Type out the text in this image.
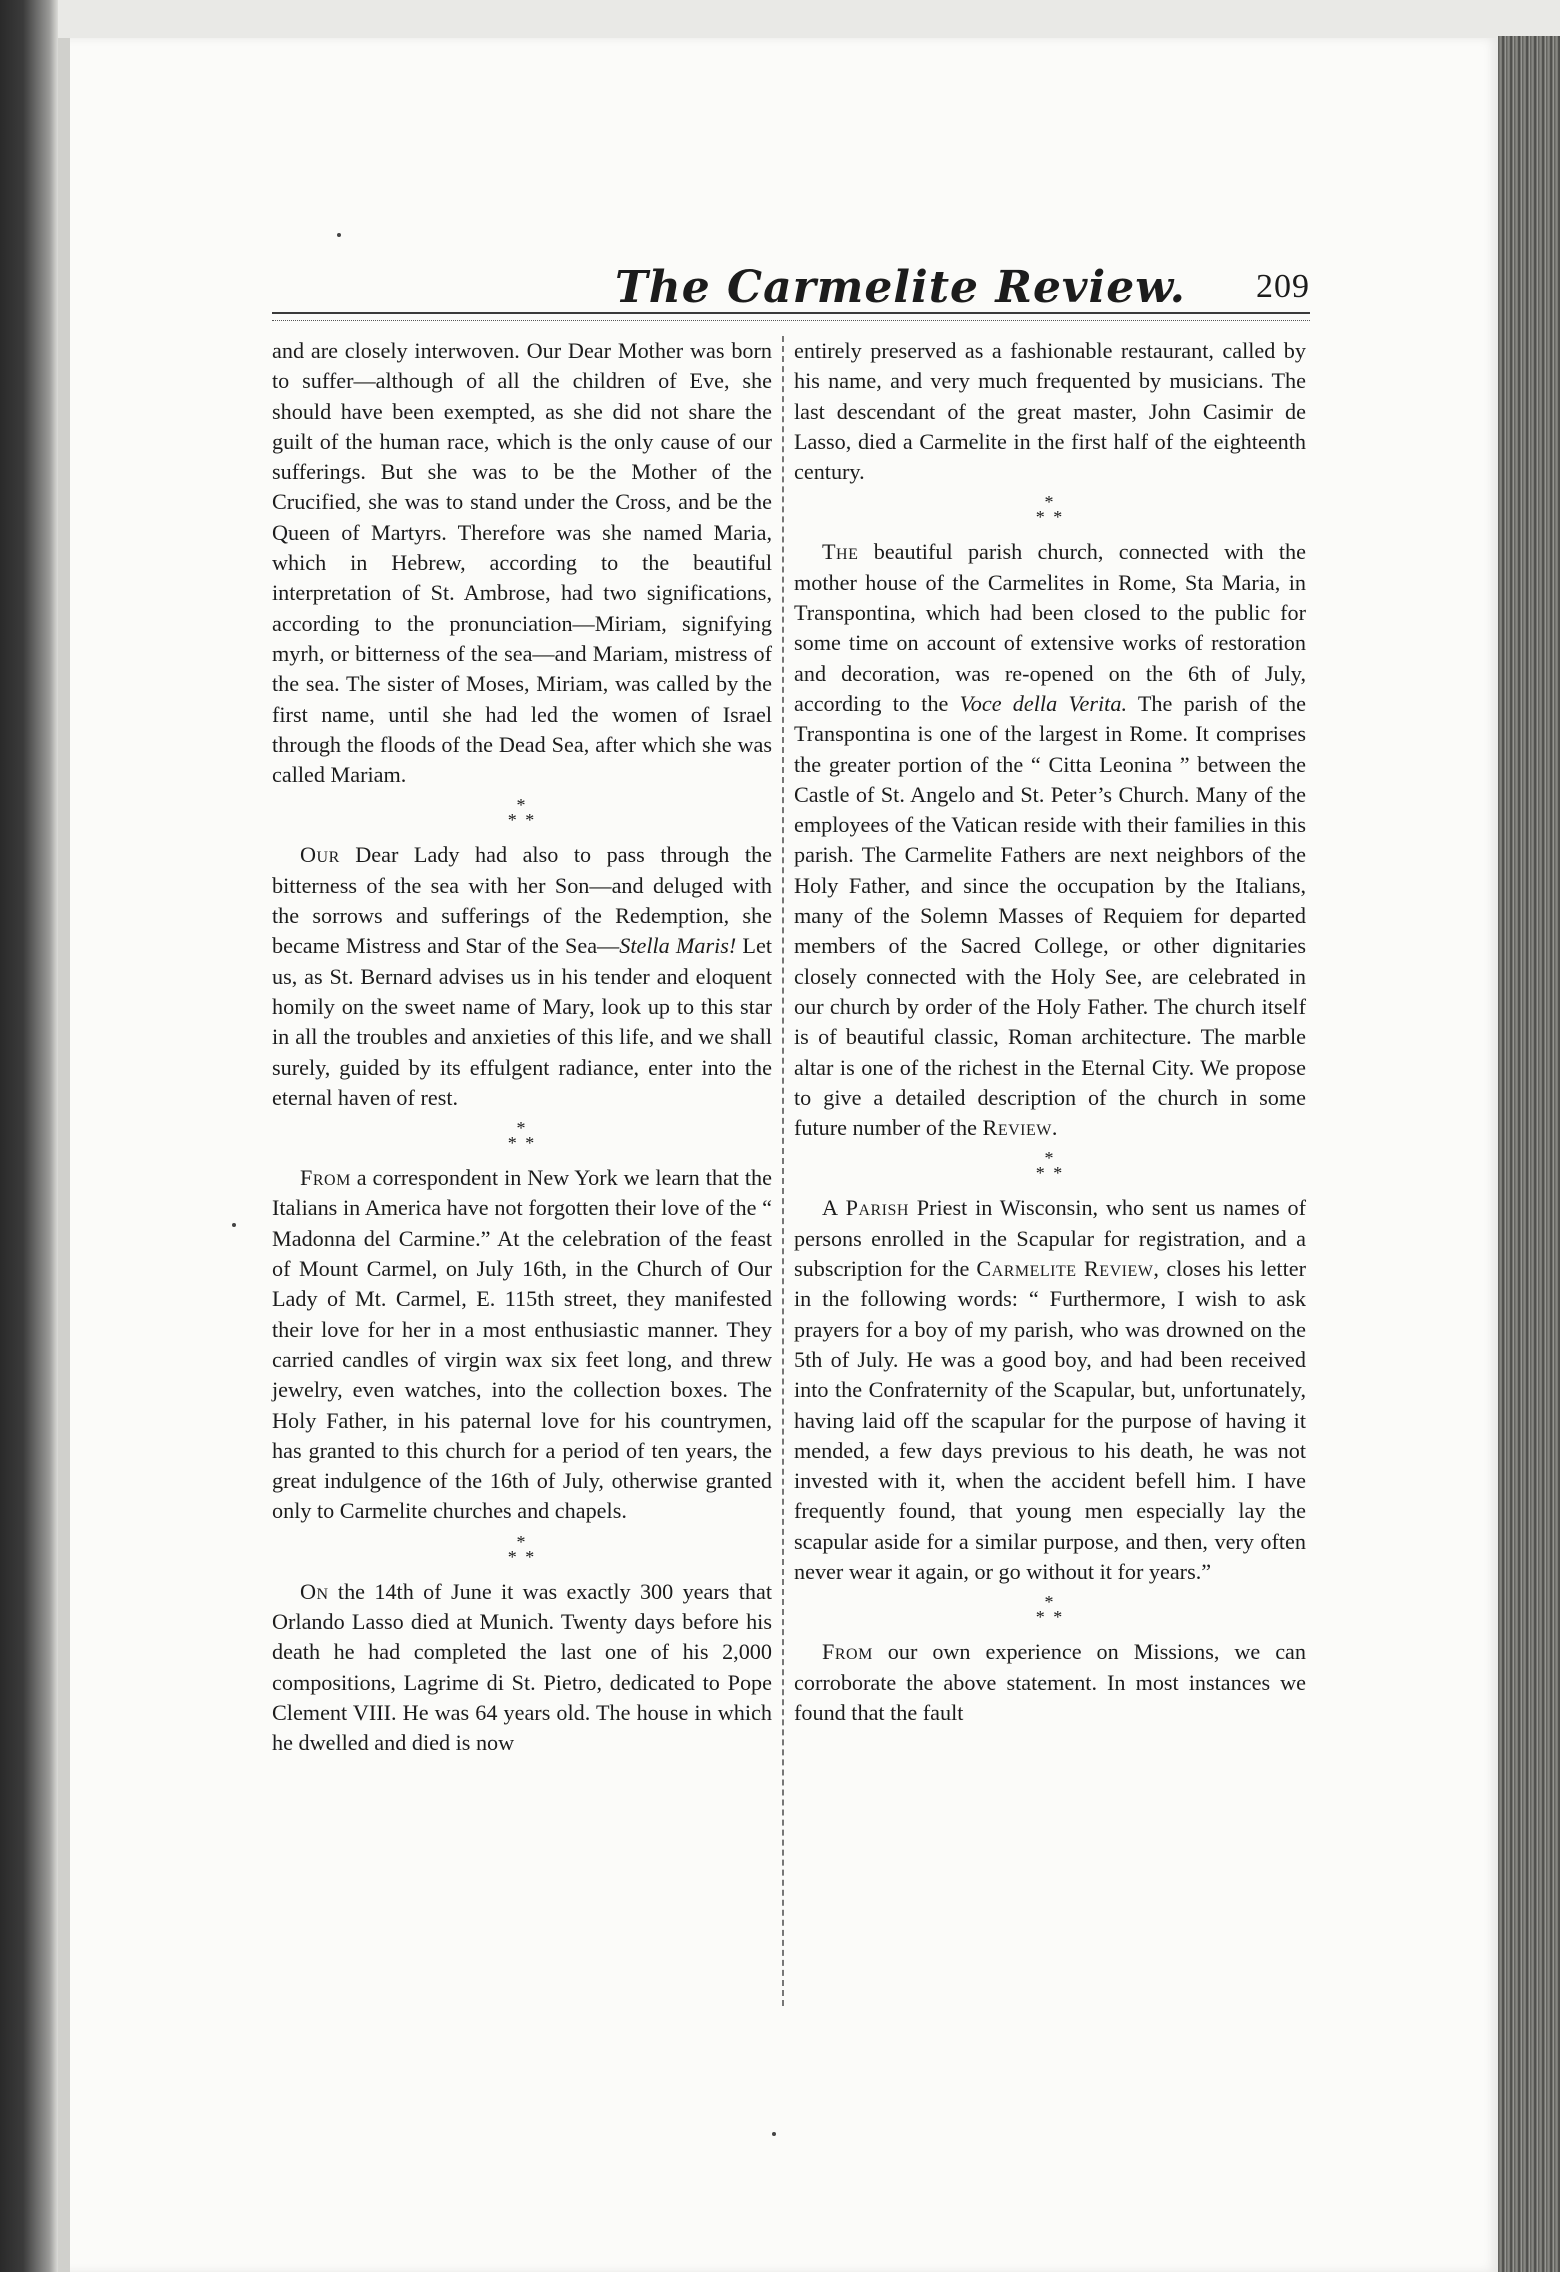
The Carmelite Review. 209

and are closely interwoven. Our Dear Mother was born to suffer—although of all the children of Eve, she should have been exempted, as she did not share the guilt of the human race, which is the only cause of our sufferings. But she was to be the Mother of the Crucified, she was to stand under the Cross, and be the Queen of Martyrs. Therefore was she named Maria, which in Hebrew, according to the beautiful interpretation of St. Ambrose, had two significations, according to the pronunciation—Miriam, signifying myrh, or bitterness of the sea—and Mariam, mistress of the sea. The sister of Moses, Miriam, was called by the first name, until she had led the women of Israel through the floods of the Dead Sea, after which she was called Mariam.

*
* *

Our Dear Lady had also to pass through the bitterness of the sea with her Son—and deluged with the sorrows and sufferings of the Redemption, she became Mistress and Star of the Sea—Stella Maris! Let us, as St. Bernard advises us in his tender and eloquent homily on the sweet name of Mary, look up to this star in all the troubles and anxieties of this life, and we shall surely, guided by its effulgent radiance, enter into the eternal haven of rest.

*
* *

From a correspondent in New York we learn that the Italians in America have not forgotten their love of the “ Madonna del Carmine.” At the celebration of the feast of Mount Carmel, on July 16th, in the Church of Our Lady of Mt. Carmel, E. 115th street, they manifested their love for her in a most enthusiastic manner. They carried candles of virgin wax six feet long, and threw jewelry, even watches, into the collection boxes. The Holy Father, in his paternal love for his countrymen, has granted to this church for a period of ten years, the great indulgence of the 16th of July, otherwise granted only to Carmelite churches and chapels.

*
* *

On the 14th of June it was exactly 300 years that Orlando Lasso died at Munich. Twenty days before his death he had completed the last one of his 2,000 compositions, Lagrime di St. Pietro, dedicated to Pope Clement VIII. He was 64 years old. The house in which he dwelled and died is now

entirely preserved as a fashionable restaurant, called by his name, and very much frequented by musicians. The last descendant of the great master, John Casimir de Lasso, died a Carmelite in the first half of the eighteenth century.

*
* *

The beautiful parish church, connected with the mother house of the Carmelites in Rome, Sta Maria, in Transpontina, which had been closed to the public for some time on account of extensive works of restoration and decoration, was re-opened on the 6th of July, according to the Voce della Verita. The parish of the Transpontina is one of the largest in Rome. It comprises the greater portion of the “ Citta Leonina ” between the Castle of St. Angelo and St. Peter’s Church. Many of the employees of the Vatican reside with their families in this parish. The Carmelite Fathers are next neighbors of the Holy Father, and since the occupation by the Italians, many of the Solemn Masses of Requiem for departed members of the Sacred College, or other dignitaries closely connected with the Holy See, are celebrated in our church by order of the Holy Father. The church itself is of beautiful classic, Roman architecture. The marble altar is one of the richest in the Eternal City. We propose to give a detailed description of the church in some future number of the Review.

*
* *

A Parish Priest in Wisconsin, who sent us names of persons enrolled in the Scapular for registration, and a subscription for the Carmelite Review, closes his letter in the following words: “ Furthermore, I wish to ask prayers for a boy of my parish, who was drowned on the 5th of July. He was a good boy, and had been received into the Confraternity of the Scapular, but, unfortunately, having laid off the scapular for the purpose of having it mended, a few days previous to his death, he was not invested with it, when the accident befell him. I have frequently found, that young men especially lay the scapular aside for a similar purpose, and then, very often never wear it again, or go without it for years.”

*
* *

From our own experience on Missions, we can corroborate the above statement. In most instances we found that the fault
